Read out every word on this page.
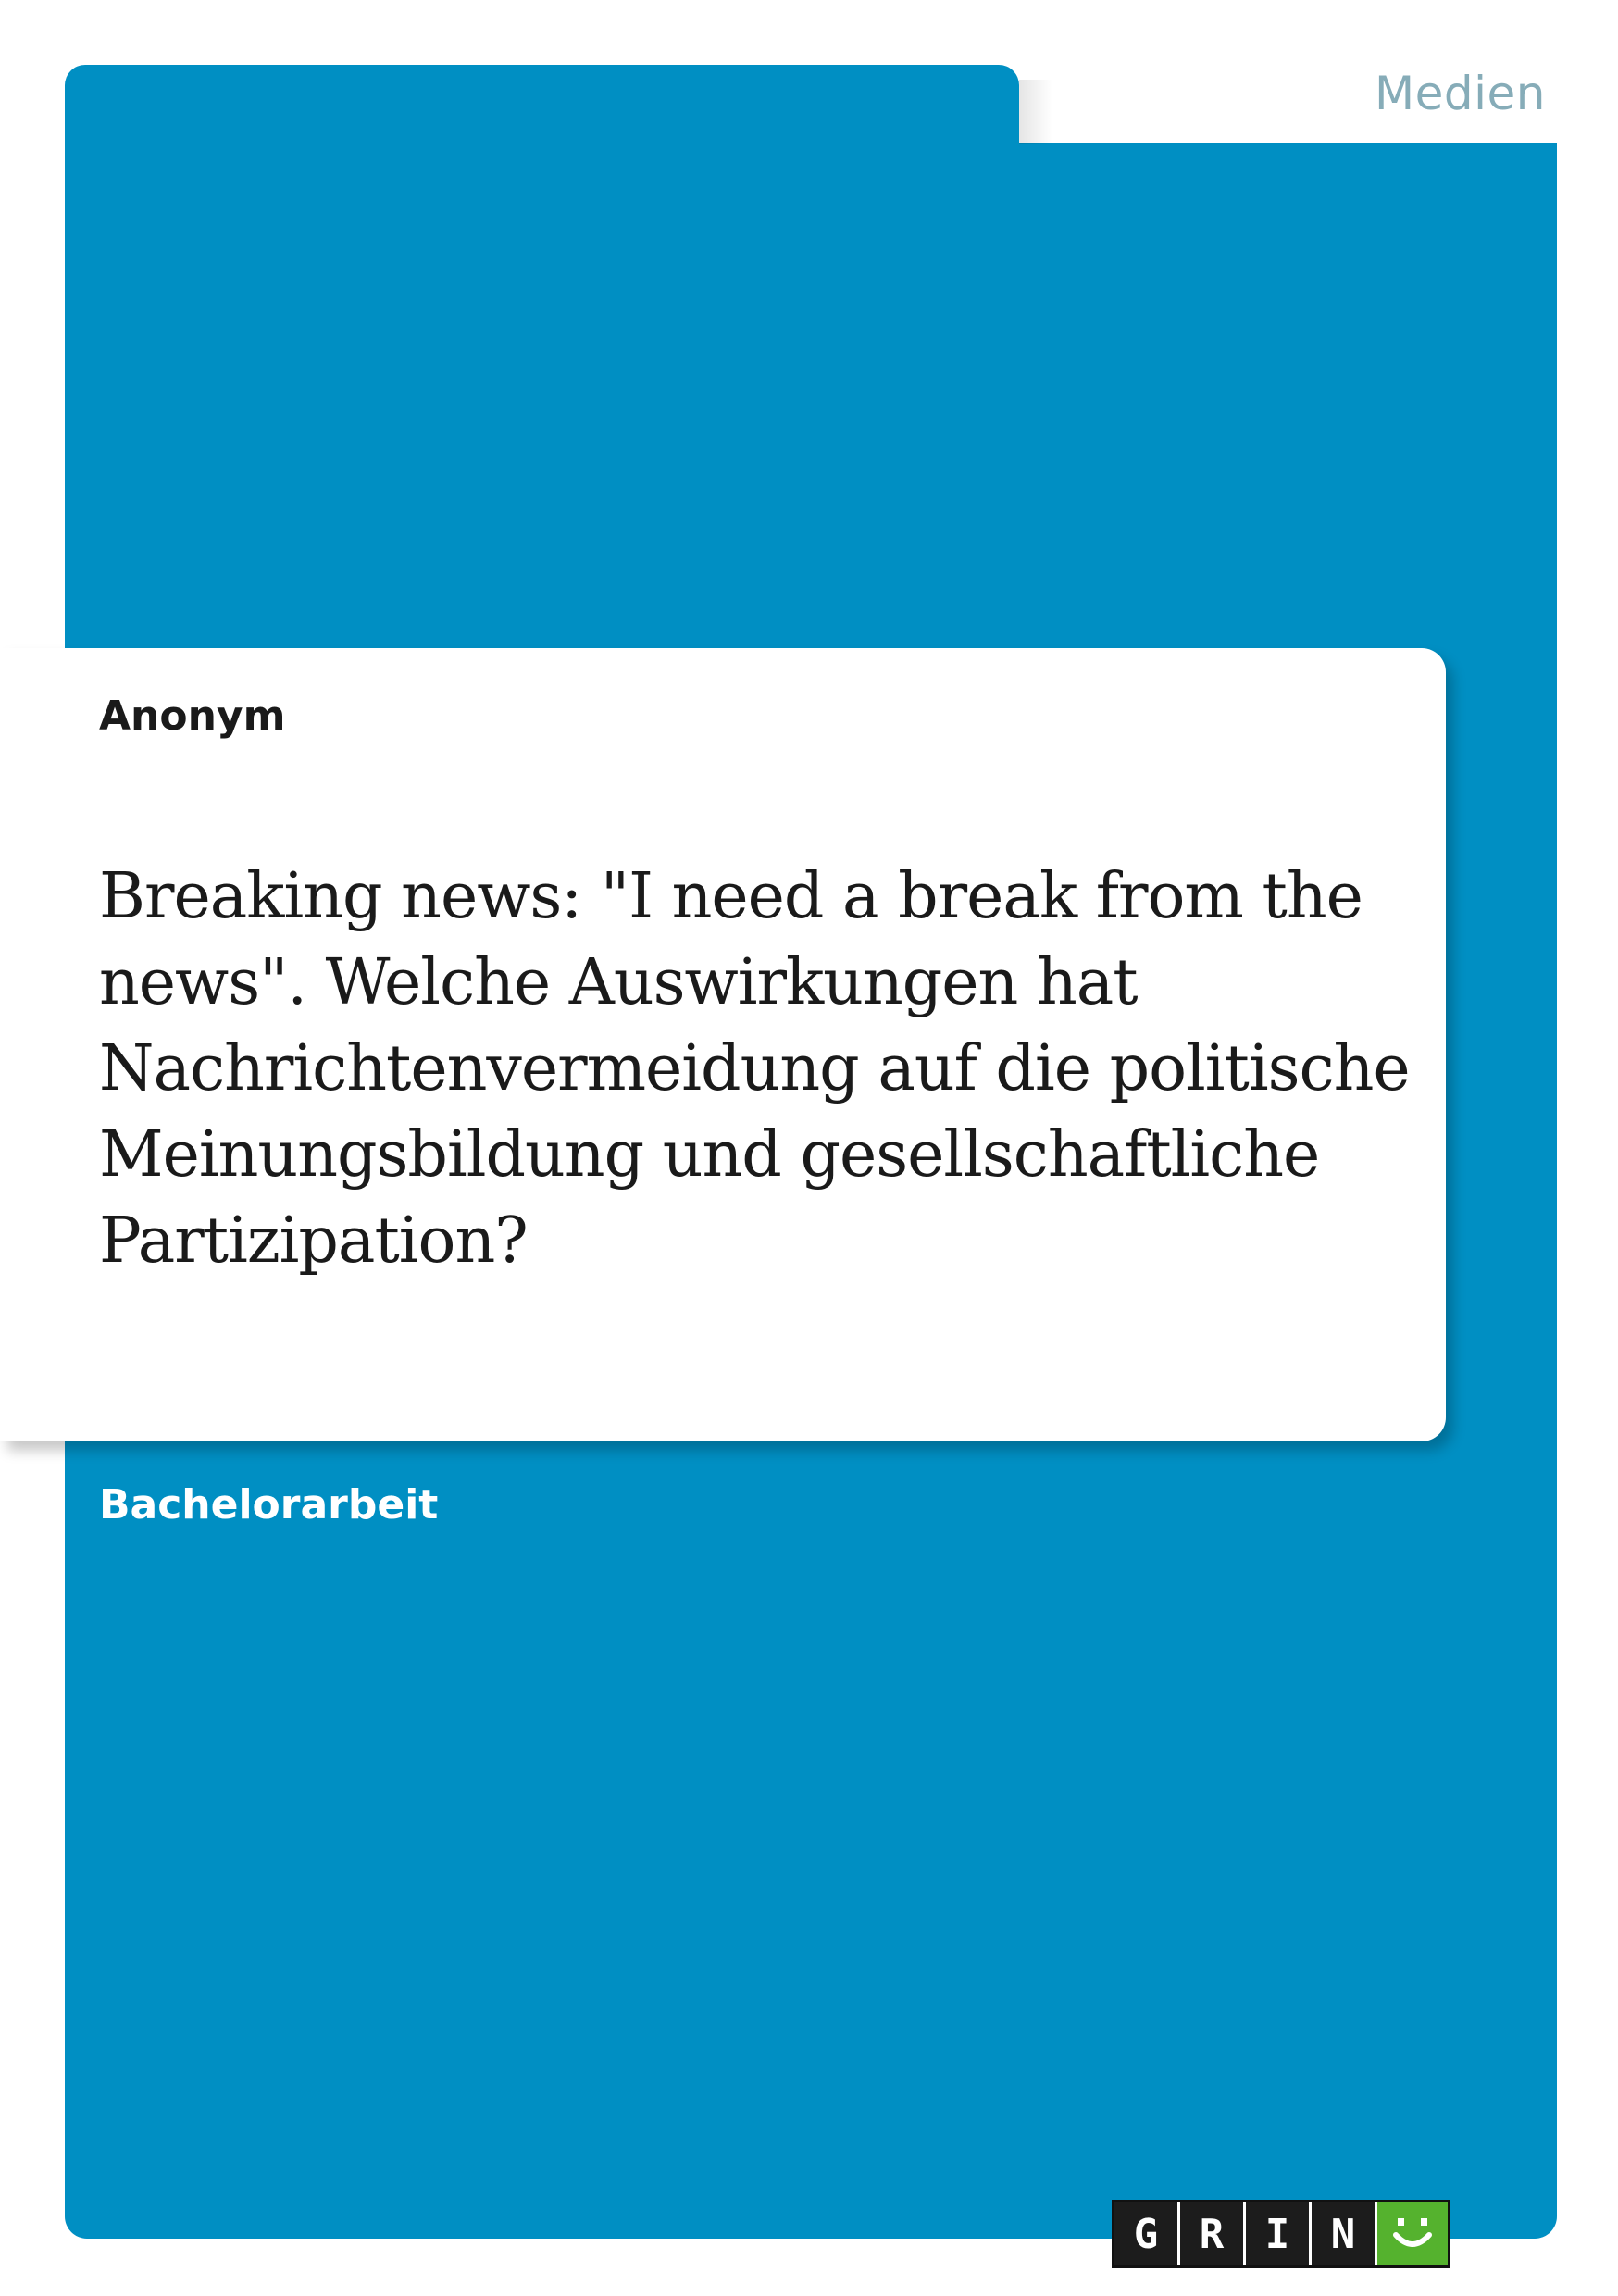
Medien
Anonym
Breaking news: "I need a break from the news". Welche Auswirkungen hat Nachrichtenvermeidung auf die politische Meinungsbildung und gesellschaftliche Partizipation?
Bachelorarbeit
G	R	I	N
